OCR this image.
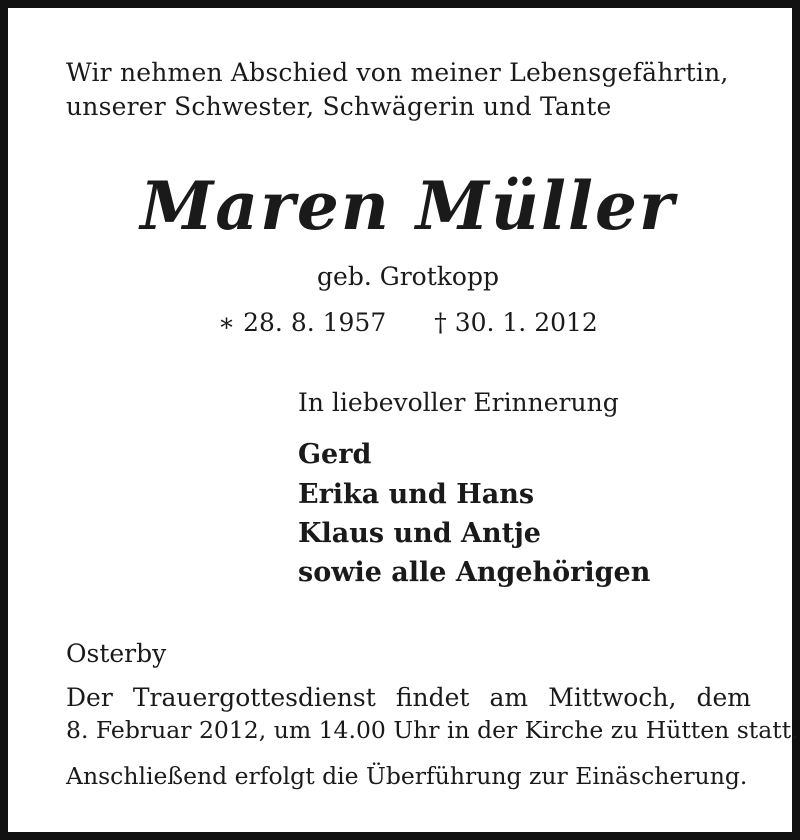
Wir nehmen Abschied von meiner Lebensgefährtin,

unserer Schwester, Schwägerin und Tante

Maren Müller

geb. Grotkopp

∗ 28. 8. 1957 † 30. 1. 2012

In liebevoller Erinnerung

Gerd

Erika und Hans

Klaus und Antje

sowie alle Angehörigen

Osterby

Der Trauergottesdienst findet am Mittwoch, dem

8. Februar 2012, um 14.00 Uhr in der Kirche zu Hütten statt.

Anschließend erfolgt die Überführung zur Einäscherung.
